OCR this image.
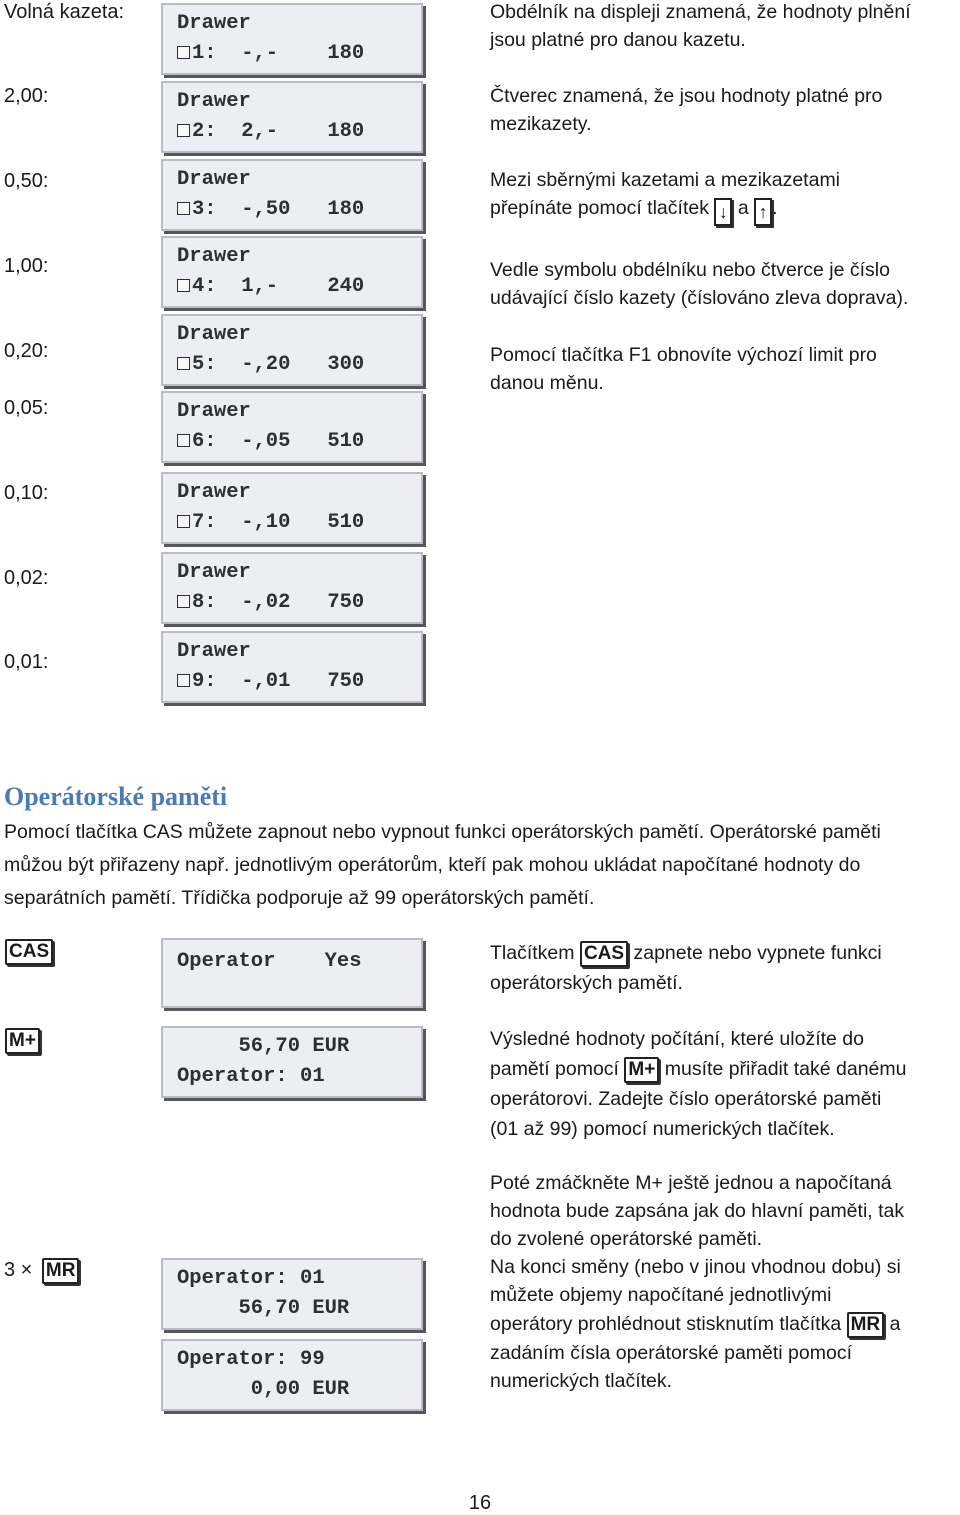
Volná kazeta:
2,00:
0,50:
1,00:
0,20:
0,05:
0,10:
0,02:
0,01:
Drawer
1:  -,-    180
Drawer
2:  2,-    180
Drawer
3:  -,50   180
Drawer
4:  1,-    240
Drawer
5:  -,20   300
Drawer
6:  -,05   510
Drawer
7:  -,10   510
Drawer
8:  -,02   750
Drawer
9:  -,01   750
Obdélník na displeji znamená, že hodnoty plnění
jsou platné pro danou kazetu.
Čtverec znamená, že jsou hodnoty platné pro
mezikazety.
Mezi sběrnými kazetami a mezikazetami
přepínáte pomocí tlačítek ↓ a ↑ .
Vedle symbolu obdélníku nebo čtverce je číslo
udávající číslo kazety (číslováno zleva doprava).
Pomocí tlačítka F1 obnovíte výchozí limit pro
danou měnu.
Operátorské paměti
Pomocí tlačítka CAS můžete zapnout nebo vypnout funkci operátorských pamětí. Operátorské paměti
můžou být přiřazeny např. jednotlivým operátorům, kteří pak mohou ukládat napočítané hodnoty do
separátních pamětí. Třídička podporuje až 99 operátorských pamětí.
CAS
M+
3 × MR
Operator    Yes
56,70 EUR
Operator: 01
Operator: 01
56,70 EUR
Operator: 99
0,00 EUR
Tlačítkem CAS zapnete nebo vypnete funkci
operátorských pamětí.
Výsledné hodnoty počítání, které uložíte do
pamětí pomocí M+ musíte přiřadit také danému
operátorovi. Zadejte číslo operátorské paměti
(01 až 99) pomocí numerických tlačítek.
Poté zmáčkněte M+ ještě jednou a napočítaná
hodnota bude zapsána jak do hlavní paměti, tak
do zvolené operátorské paměti.
Na konci směny (nebo v jinou vhodnou dobu) si
můžete objemy napočítané jednotlivými
operátory prohlédnout stisknutím tlačítka MR a
zadáním čísla operátorské paměti pomocí
numerických tlačítek.
16
